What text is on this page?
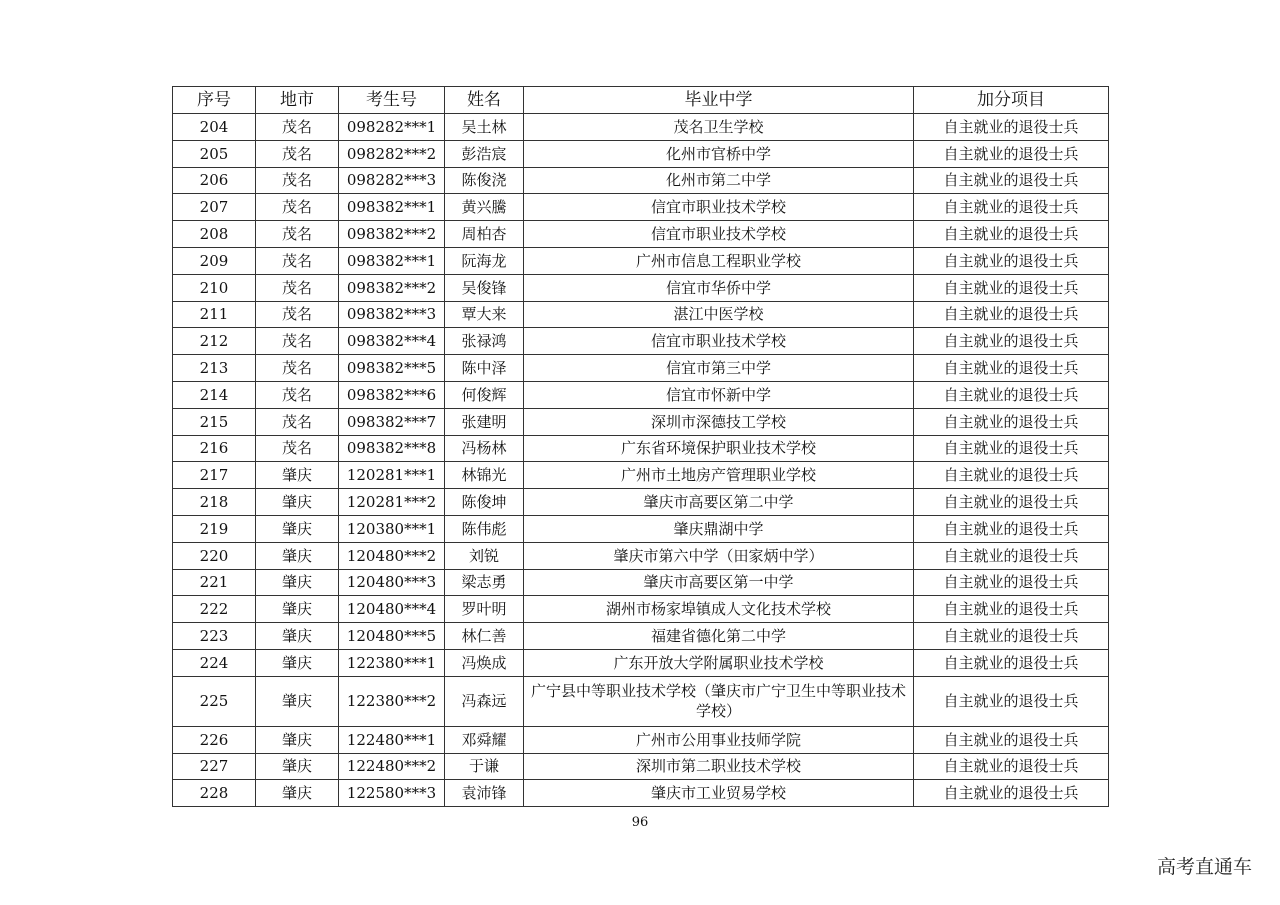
序号	地市	考生号	姓名	毕业中学	加分项目
204	茂名	098282***1	吴土林	茂名卫生学校	自主就业的退役士兵
205	茂名	098282***2	彭浩宸	化州市官桥中学	自主就业的退役士兵
206	茂名	098282***3	陈俊浇	化州市第二中学	自主就业的退役士兵
207	茂名	098382***1	黄兴騰	信宜市职业技术学校	自主就业的退役士兵
208	茂名	098382***2	周柏杏	信宜市职业技术学校	自主就业的退役士兵
209	茂名	098382***1	阮海龙	广州市信息工程职业学校	自主就业的退役士兵
210	茂名	098382***2	吴俊锋	信宜市华侨中学	自主就业的退役士兵
211	茂名	098382***3	覃大来	湛江中医学校	自主就业的退役士兵
212	茂名	098382***4	张禄鸿	信宜市职业技术学校	自主就业的退役士兵
213	茂名	098382***5	陈中泽	信宜市第三中学	自主就业的退役士兵
214	茂名	098382***6	何俊辉	信宜市怀新中学	自主就业的退役士兵
215	茂名	098382***7	张建明	深圳市深德技工学校	自主就业的退役士兵
216	茂名	098382***8	冯杨林	广东省环境保护职业技术学校	自主就业的退役士兵
217	肇庆	120281***1	林锦光	广州市土地房产管理职业学校	自主就业的退役士兵
218	肇庆	120281***2	陈俊坤	肇庆市高要区第二中学	自主就业的退役士兵
219	肇庆	120380***1	陈伟彪	肇庆鼎湖中学	自主就业的退役士兵
220	肇庆	120480***2	刘锐	肇庆市第六中学（田家炳中学）	自主就业的退役士兵
221	肇庆	120480***3	梁志勇	肇庆市高要区第一中学	自主就业的退役士兵
222	肇庆	120480***4	罗叶明	湖州市杨家埠镇成人文化技术学校	自主就业的退役士兵
223	肇庆	120480***5	林仁善	福建省德化第二中学	自主就业的退役士兵
224	肇庆	122380***1	冯焕成	广东开放大学附属职业技术学校	自主就业的退役士兵
225	肇庆	122380***2	冯森远	广宁县中等职业技术学校（肇庆市广宁卫生中等职业技术学校）	自主就业的退役士兵
226	肇庆	122480***1	邓舜耀	广州市公用事业技师学院	自主就业的退役士兵
227	肇庆	122480***2	于谦	深圳市第二职业技术学校	自主就业的退役士兵
228	肇庆	122580***3	袁沛锋	肇庆市工业贸易学校	自主就业的退役士兵
96
高考直通车
